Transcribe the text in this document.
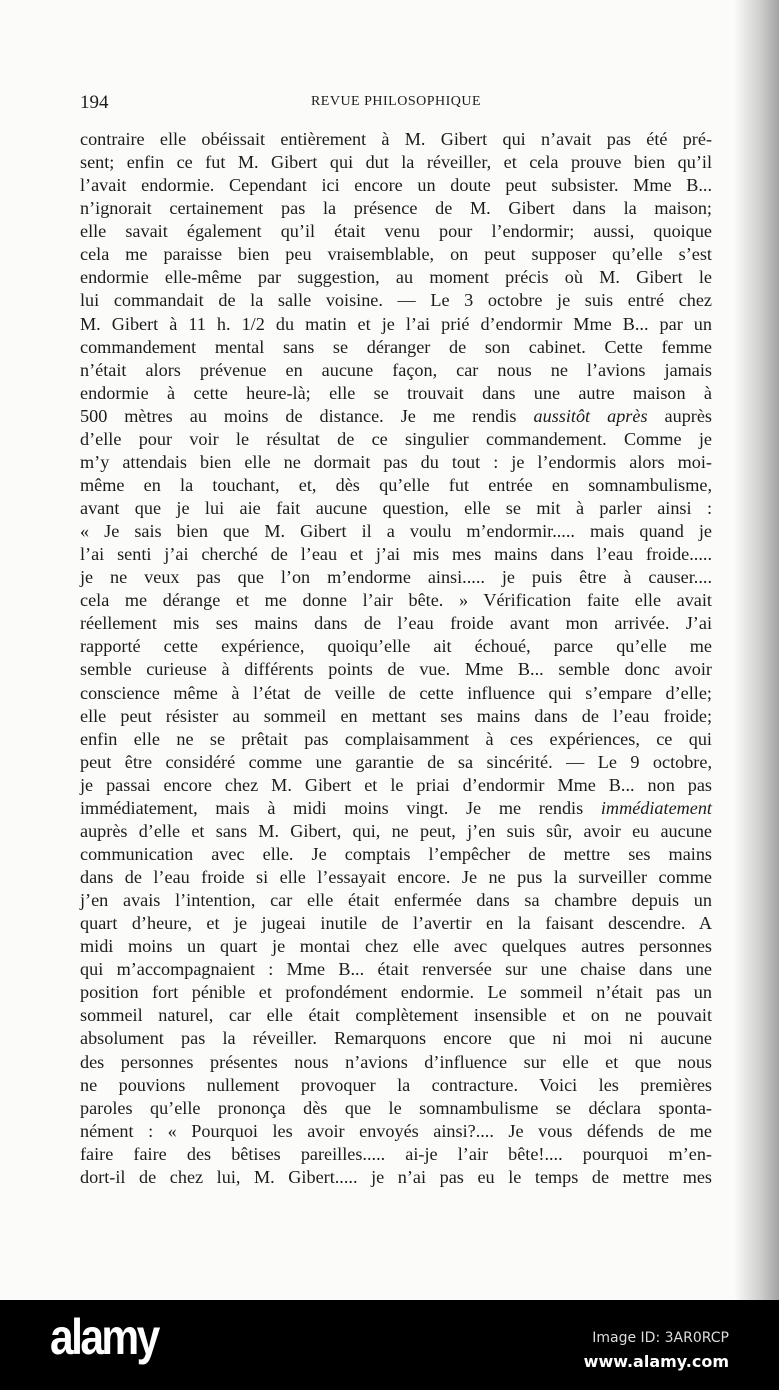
194	REVUE PHILOSOPHIQUE
contraire elle obéissait entièrement à M. Gibert qui n’avait pas été pré-
sent; enfin ce fut M. Gibert qui dut la réveiller, et cela prouve bien qu’il
l’avait endormie. Cependant ici encore un doute peut subsister. Mme B...
n’ignorait certainement pas la présence de M. Gibert dans la maison;
elle savait également qu’il était venu pour l’endormir; aussi, quoique
cela me paraisse bien peu vraisemblable, on peut supposer qu’elle s’est
endormie elle-même par suggestion, au moment précis où M. Gibert le
lui commandait de la salle voisine. — Le 3 octobre je suis entré chez
M. Gibert à 11 h. 1/2 du matin et je l’ai prié d’endormir Mme B... par un
commandement mental sans se déranger de son cabinet. Cette femme
n’était alors prévenue en aucune façon, car nous ne l’avions jamais
endormie à cette heure-là; elle se trouvait dans une autre maison à
500 mètres au moins de distance. Je me rendis aussitôt après auprès
d’elle pour voir le résultat de ce singulier commandement. Comme je
m’y attendais bien elle ne dormait pas du tout : je l’endormis alors moi-
même en la touchant, et, dès qu’elle fut entrée en somnambulisme,
avant que je lui aie fait aucune question, elle se mit à parler ainsi :
« Je sais bien que M. Gibert il a voulu m’endormir..... mais quand je
l’ai senti j’ai cherché de l’eau et j’ai mis mes mains dans l’eau froide.....
je ne veux pas que l’on m’endorme ainsi..... je puis être à causer....
cela me dérange et me donne l’air bête. » Vérification faite elle avait
réellement mis ses mains dans de l’eau froide avant mon arrivée. J’ai
rapporté cette expérience, quoiqu’elle ait échoué, parce qu’elle me
semble curieuse à différents points de vue. Mme B... semble donc avoir
conscience même à l’état de veille de cette influence qui s’empare d’elle;
elle peut résister au sommeil en mettant ses mains dans de l’eau froide;
enfin elle ne se prêtait pas complaisamment à ces expériences, ce qui
peut être considéré comme une garantie de sa sincérité. — Le 9 octobre,
je passai encore chez M. Gibert et le priai d’endormir Mme B... non pas
immédiatement, mais à midi moins vingt. Je me rendis immédiatement
auprès d’elle et sans M. Gibert, qui, ne peut, j’en suis sûr, avoir eu aucune
communication avec elle. Je comptais l’empêcher de mettre ses mains
dans de l’eau froide si elle l’essayait encore. Je ne pus la surveiller comme
j’en avais l’intention, car elle était enfermée dans sa chambre depuis un
quart d’heure, et je jugeai inutile de l’avertir en la faisant descendre. A
midi moins un quart je montai chez elle avec quelques autres personnes
qui m’accompagnaient : Mme B... était renversée sur une chaise dans une
position fort pénible et profondément endormie. Le sommeil n’était pas un
sommeil naturel, car elle était complètement insensible et on ne pouvait
absolument pas la réveiller. Remarquons encore que ni moi ni aucune
des personnes présentes nous n’avions d’influence sur elle et que nous
ne pouvions nullement provoquer la contracture. Voici les premières
paroles qu’elle prononça dès que le somnambulisme se déclara sponta-
nément : « Pourquoi les avoir envoyés ainsi?.... Je vous défends de me
faire faire des bêtises pareilles..... ai-je l’air bête!.... pourquoi m’en-
dort-il de chez lui, M. Gibert..... je n’ai pas eu le temps de mettre mes
alamy	Image ID: 3AR0RCP
www.alamy.com
